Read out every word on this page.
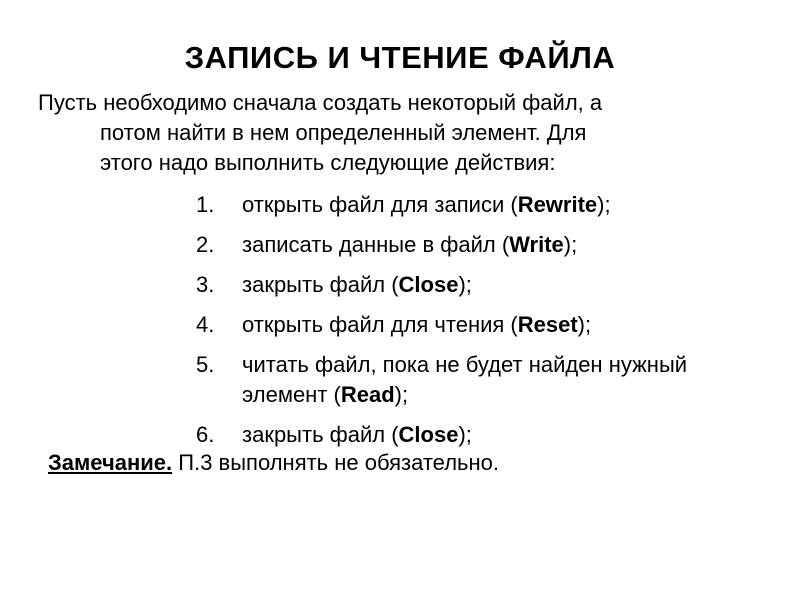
ЗАПИСЬ И ЧТЕНИЕ ФАЙЛА
Пусть необходимо сначала создать некоторый файл, а
потом найти в нем определенный элемент. Для
этого надо выполнить следующие действия:
1. открыть файл для записи (Rewrite);
2. записать данные в файл (Write);
3. закрыть файл (Close);
4. открыть файл для чтения (Reset);
5. читать файл, пока не будет найден нужный элемент (Read);
6. закрыть файл (Close);
Замечание. П.3 выполнять не обязательно.
